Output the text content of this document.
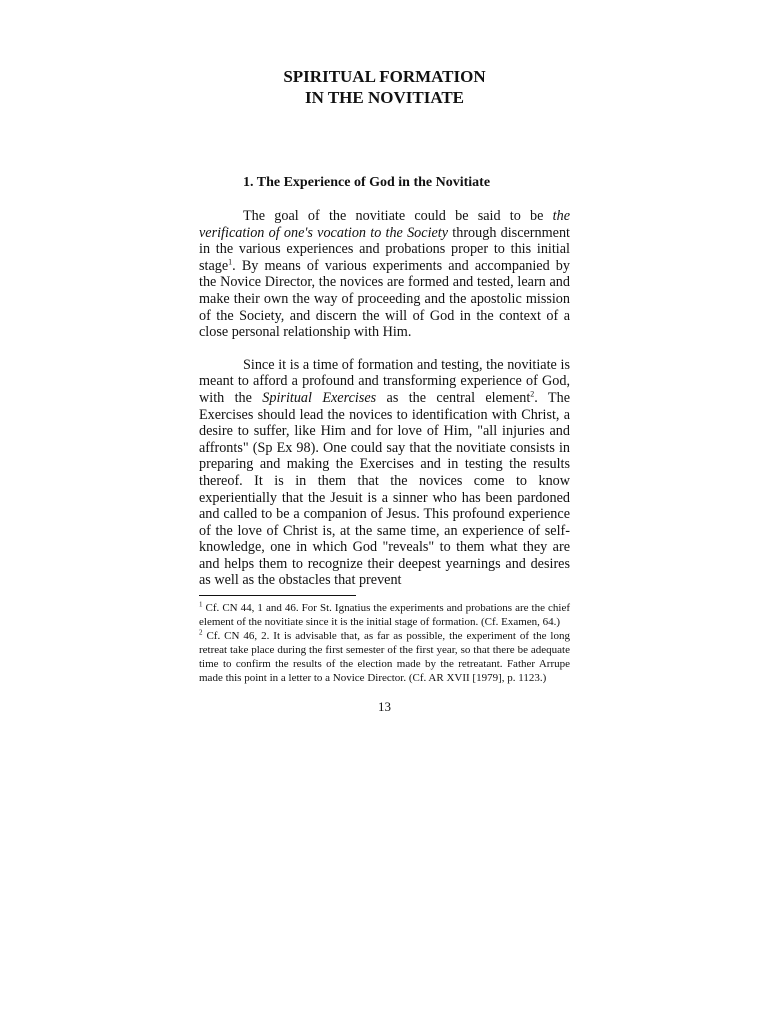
SPIRITUAL FORMATION
IN THE NOVITIATE
1. The Experience of God in the Novitiate

The goal of the novitiate could be said to be the verification of one's vocation to the Society through discernment in the various experiences and probations proper to this initial stage$^1$. By means of various experiments and accompanied by the Novice Director, the novices are formed and tested, learn and make their own the way of proceeding and the apostolic mission of the Society, and discern the will of God in the context of a close personal relationship with Him.

Since it is a time of formation and testing, the novitiate is meant to afford a profound and transforming experience of God, with the Spiritual Exercises as the central element$^2$. The Exercises should lead the novices to identification with Christ, a desire to suffer, like Him and for love of Him, "all injuries and affronts" (Sp Ex 98). One could say that the novitiate consists in preparing and making the Exercises and in testing the results thereof. It is in them that the novices come to know experientially that the Jesuit is a sinner who has been pardoned and called to be a companion of Jesus. This profound experience of the love of Christ is, at the same time, an experience of self-knowledge, one in which God "reveals" to them what they are and helps them to recognize their deepest yearnings and desires as well as the obstacles that prevent

$^1$ Cf. CN 44, 1 and 46. For St. Ignatius the experiments and probations are the chief element of the novitiate since it is the initial stage of formation. (Cf. Examen, 64.)

$^2$ Cf. CN 46, 2. It is advisable that, as far as possible, the experiment of the long retreat take place during the first semester of the first year, so that there be adequate time to confirm the results of the election made by the retreatant. Father Arrupe made this point in a letter to a Novice Director. (Cf. AR XVII [1979], p. 1123.)

13
